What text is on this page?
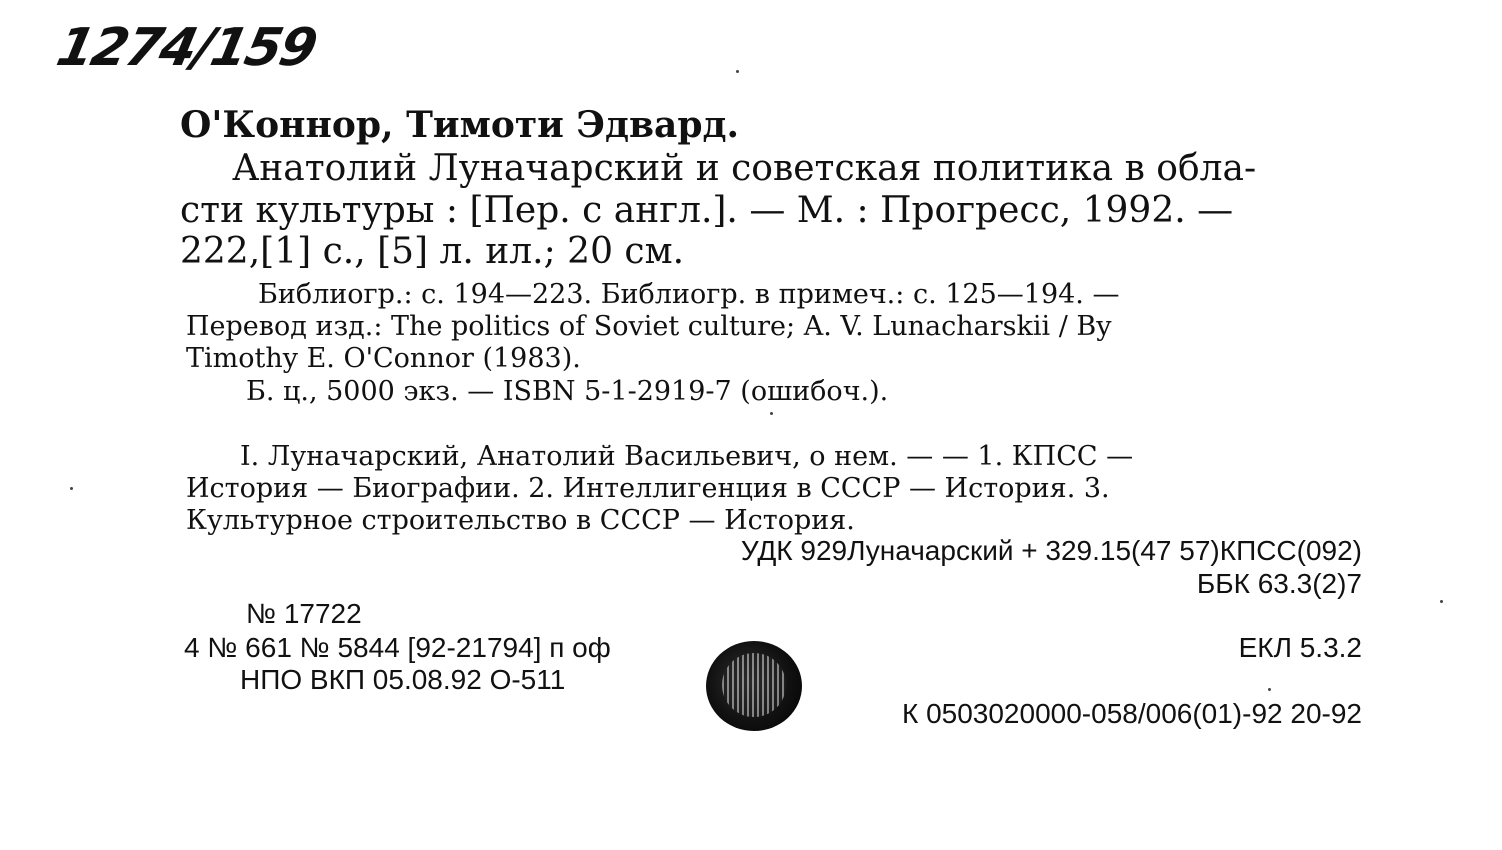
1274/159
О'Коннор, Тимоти Эдвард.
Анатолий Луначарский и советская политика в обла-
сти культуры : [Пер. с англ.]. — М. : Прогресс, 1992. —
222,[1] с., [5] л. ил.; 20 см.
Библиогр.: с. 194—223. Библиогр. в примеч.: с. 125—194. —
Перевод изд.: The politics of Soviet culture; A. V. Lunacharskii / By
Timothy E. O'Connor (1983).
Б. ц., 5000 экз. — ISBN 5-1-2919-7 (ошибоч.).
I. Луначарский, Анатолий Васильевич, о нем. — — 1. КПСС —
История — Биографии. 2. Интеллигенция в СССР — История. 3.
Культурное строительство в СССР — История.
УДК 929Луначарский + 329.15(47 57)КПСС(092)
ББК 63.3(2)7
№ 17722
4 № 661 № 5844 [92-21794] п оф	ЕКЛ 5.3.2
НПО ВКП 05.08.92 О-511
К 0503020000-058/006(01)-92 20-92
